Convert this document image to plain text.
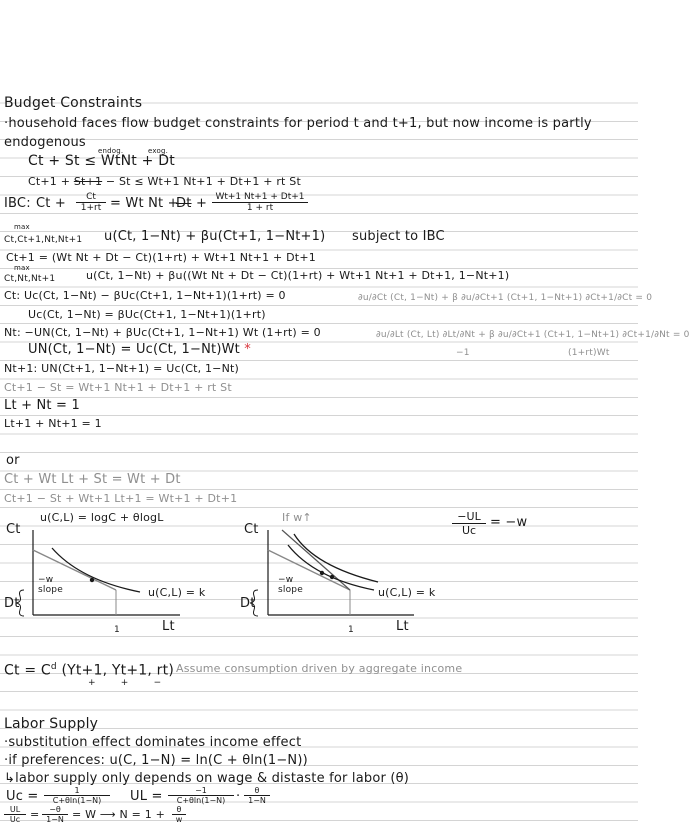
Budget Constraints
·household faces flow budget constraints for period t and t+1, but now income is partly
endogenous
endog.	exog.
Ct + St ≤ WtNt + Dt
Ct+1 + St+1 − St ≤ Wt+1 Nt+1 + Dt+1 + rt St
IBC: $Ct + \frac{Ct}{1+rt} = Wt$ Nt +
$Dt + \frac{Wt+1 Nt+1 + Dt+1}{1 + rt}$
max
Ct,Ct+1,Nt,Nt+1 u(Ct, 1−Nt) + βu(Ct+1, 1−Nt+1) subject to IBC
Ct+1 = (Wt Nt + Dt − Ct)(1+rt) + Wt+1 Nt+1 + Dt+1
max
Ct,Nt,Nt+1	u(Ct, 1−Nt) + βu((Wt Nt + Dt − Ct)(1+rt) + Wt+1 Nt+1 + Dt+1, 1−Nt+1)
Ct: Uc(Ct, 1−Nt) − βUc(Ct+1, 1−Nt+1)(1+rt) = 0	∂u/∂Ct (Ct, 1−Nt) + β ∂u/∂Ct+1 (Ct+1, 1−Nt+1) ∂Ct+1/∂Ct = 0
Uc(Ct, 1−Nt) = βUc(Ct+1, 1−Nt+1)(1+rt)
Nt: −UN(Ct, 1−Nt) + βUc(Ct+1, 1−Nt+1) Wt (1+rt) = 0	∂u/∂Lt (Ct, Lt) ∂Lt/∂Nt + β ∂u/∂Ct+1 (Ct+1, 1−Nt+1) ∂Ct+1/∂Nt = 0
−1	(1+rt)Wt
UN(Ct, 1−Nt) = Uc(Ct, 1−Nt)Wt *
Nt+1: UN(Ct+1, 1−Nt+1) = Uc(Ct, 1−Nt)
Ct+1 − St = Wt+1 Nt+1 + Dt+1 + rt St
Lt + Nt = 1
Lt+1 + Nt+1 = 1
or
Ct + Wt Lt + St = Wt + Dt
Ct+1 − St + Wt+1 Lt+1 = Wt+1 + Dt+1
$\frac{-UL}{Uc} = -w$
Ct
u(C,L) = logC + θlogL
−w
slope	u(C,L) = k
Dt
1	Lt
Ct
If w↑
−w
slope	u(C,L) = k
Dt
1	Lt
$Ct = C^d$ (Yt+1, Yt+1, rt)
+ + −
Assume consumption driven by aggregate income
Labor Supply
·substitution effect dominates income effect
·if preferences: u(C, 1−N) = ln(C + θln(1−N))
↳labor supply only depends on wage & distaste for labor (θ)
$Uc = \frac{1}{C+\theta\ln(1-N)}$ UL = $\frac{-1}{C+\theta\ln(1-N)} \cdot \frac{\theta}{1-N}$
$\frac{UL}{Uc} = \frac{-\theta}{1-N} = W$ ⟶ $N = 1 + \frac{\theta}{w}$
